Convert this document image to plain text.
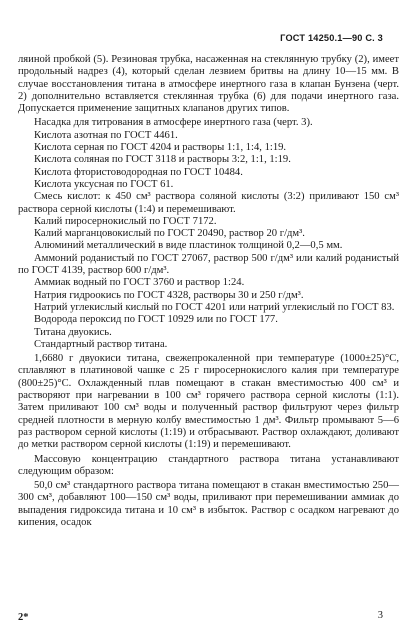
ГОСТ 14250.1—90 С. 3

ляиной пробкой (5). Резиновая трубка, насаженная на стеклянную трубку (2), имеет продольный надрез (4), который сделан лезвием бритвы на длину 10—15 мм. В случае восстановления титана в атмосфере инертного газа в клапан Бунзена (черт. 2) дополнительно вставляется стеклянная трубка (6) для подачи инертного газа. Допускается применение защитных клапанов других типов.

Насадка для титрования в атмосфере инертного газа (черт. 3).

Кислота азотная по ГОСТ 4461.

Кислота серная по ГОСТ 4204 и растворы 1:1, 1:4, 1:19.

Кислота соляная по ГОСТ 3118 и растворы 3:2, 1:1, 1:19.

Кислота фтористоводородная по ГОСТ 10484.

Кислота уксусная по ГОСТ 61.

Смесь кислот: к 450 см³ раствора соляной кислоты (3:2) приливают 150 см³ раствора серной кислоты (1:4) и перемешивают.

Калий пиросернокислый по ГОСТ 7172.

Калий марганцовокислый по ГОСТ 20490, раствор 20 г/дм³.

Алюминий металлический в виде пластинок толщиной 0,2—0,5 мм.

Аммоний роданистый по ГОСТ 27067, раствор 500 г/дм³ или калий роданистый по ГОСТ 4139, раствор 600 г/дм³.

Аммиак водный по ГОСТ 3760 и раствор 1:24.

Натрия гидроокись по ГОСТ 4328, растворы 30 и 250 г/дм³.

Натрий углекислый кислый по ГОСТ 4201 или натрий углекислый по ГОСТ 83.

Водорода пероксид по ГОСТ 10929 или по ГОСТ 177.

Титана двуокись.

Стандартный раствор титана.

1,6680 г двуокиси титана, свежепрокаленной при температуре (1000±25)°С, сплавляют в платиновой чашке с 25 г пиросернокислого калия при температуре (800±25)°С. Охлажденный плав помещают в стакан вместимостью 400 см³ и растворяют при нагревании в 100 см³ горячего раствора серной кислоты (1:1). Затем приливают 100 см³ воды и полученный раствор фильтруют через фильтр средней плотности в мерную колбу вместимостью 1 дм³. Фильтр промывают 5—6 раз раствором серной кислоты (1:19) и отбрасывают. Раствор охлаждают, доливают до метки раствором серной кислоты (1:19) и перемешивают.

Массовую концентрацию стандартного раствора титана устанавливают следующим образом:

50,0 см³ стандартного раствора титана помещают в стакан вместимостью 250—300 см³, добавляют 100—150 см³ воды, приливают при перемешивании аммиак до выпадения гидроксида титана и 10 см³ в избыток. Раствор с осадком нагревают до кипения, осадок

2*	3
